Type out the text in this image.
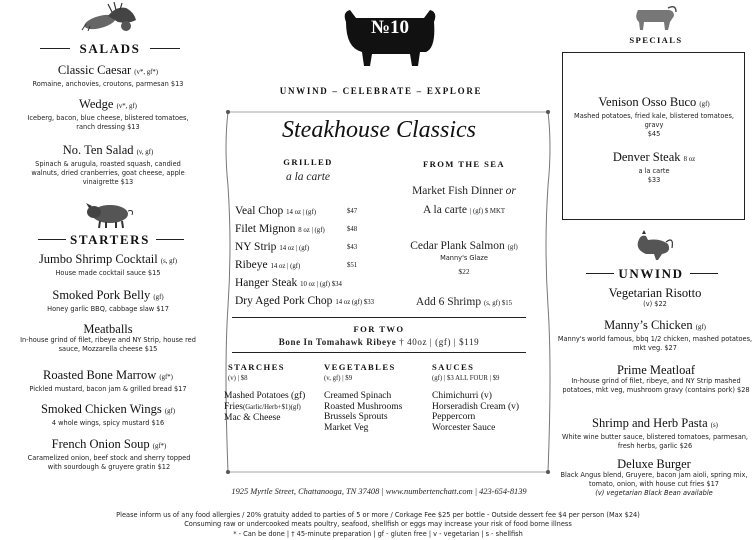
SALADS
Classic Caesar (v*, gf*)
Romaine, anchovies, croutons, parmesan $13
Wedge (v*, gf)
Iceberg, bacon, blue cheese, blistered tomatoes, ranch dressing $13
No. Ten Salad (v, gf)
Spinach & arugula, roasted squash, candied walnuts, dried cranberries, goat cheese, apple vinaigrette $13
STARTERS
Jumbo Shrimp Cocktail (s, gf)
House made cocktail sauce $15
Smoked Pork Belly (gf)
Honey garlic BBQ, cabbage slaw $17
Meatballs
In-house grind of filet, ribeye and NY Strip, house red sauce, Mozzarella cheese $15
Roasted Bone Marrow (gf*)
Pickled mustard, bacon jam & grilled bread $17
Smoked Chicken Wings (gf)
4 whole wings, spicy mustard $16
French Onion Soup (gf*)
Caramelized onion, beef stock and sherry topped with sourdough & gruyere gratin $12
№10
UNWIND – CELEBRATE – EXPLORE
Steakhouse Classics
GRILLED
a la carte
Veal Chop 14 oz | (gf)	$47
Filet Mignon 8 oz | (gf)	$48
NY Strip 14 oz | (gf)	$43
Ribeye 14 oz | (gf)	$51
Hanger Steak 10 oz | (gf) $34
Dry Aged Pork Chop 14 oz (gf) $33
FROM THE SEA
Market Fish Dinner or
A la carte | (gf) $ MKT
Cedar Plank Salmon (gf)
Manny's Glaze
$22
Add 6 Shrimp (s, gf) $15
FOR TWO
Bone In Tomahawk Ribeye † 40oz | (gf) | $119
STARCHES
(v) | $8
Mashed Potatoes (gf)
Fries(Garlic/Herb+$1)(gf)
Mac & Cheese
VEGETABLES
(v, gf) | $9
Creamed Spinach
Roasted Mushrooms
Brussels Sprouts
Market Veg
SAUCES
(gf) | $3 ALL FOUR | $9
Chimichurri (v)
Horseradish Cream (v)
Peppercorn
Worcester Sauce
1925 Myrtle Street, Chattanooga, TN 37408 | www.numbertenchatt.com | 423-654-8139
SPECIALS
Venison Osso Buco (gf)
Mashed potatoes, fried kale, blistered tomatoes, gravy
$45
Denver Steak 8 oz
a la carte
$33
UNWIND
Vegetarian Risotto
(v) $22
Manny’s Chicken (gf)
Manny's world famous, bbq 1/2 chicken, mashed potatoes, mkt veg. $27
Prime Meatloaf
In-house grind of filet, ribeye, and NY Strip mashed potatoes, mkt veg, mushroom gravy (contains pork) $28
Shrimp and Herb Pasta (s)
White wine butter sauce, blistered tomatoes, parmesan, fresh herbs, garlic $26
Deluxe Burger
Black Angus blend, Gruyere, bacon jam aioli, spring mix, tomato, onion, with house cut fries $17
(v) vegetarian Black Bean available
Please inform us of any food allergies / 20% gratuity added to parties of 5 or more / Corkage Fee $25 per bottle - Outside dessert fee $4 per person (Max $24)
Consuming raw or undercooked meats poultry, seafood, shellfish or eggs may increase your risk of food borne illness
* - Can be done | † 45-minute preparation | gf - gluten free | v - vegetarian | s - shellfish
